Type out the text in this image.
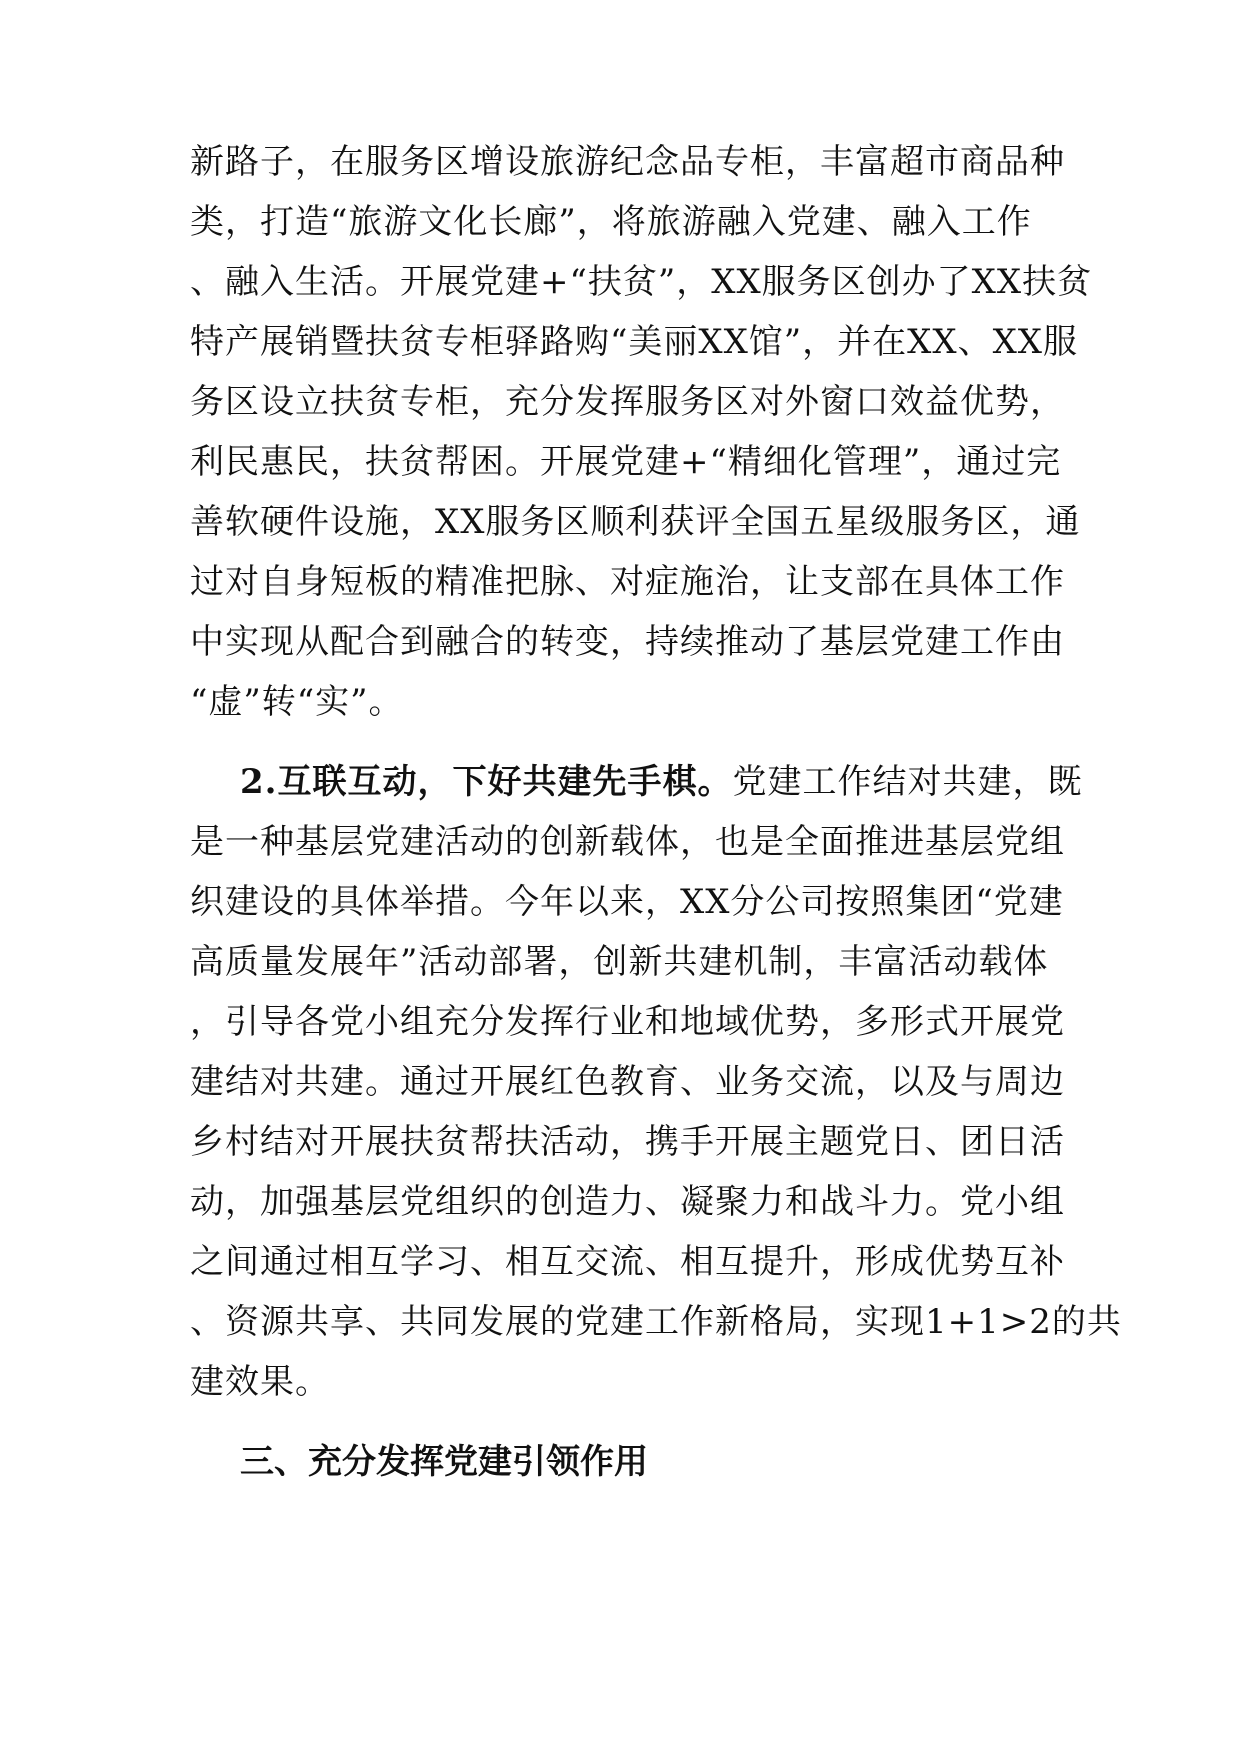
新路子，在服务区增设旅游纪念品专柜，丰富超市商品种
类，打造“旅游文化长廊”，将旅游融入党建、融入工作
、融入生活。开展党建+“扶贫”，XX服务区创办了XX扶贫
特产展销暨扶贫专柜驿路购“美丽XX馆”，并在XX、XX服
务区设立扶贫专柜，充分发挥服务区对外窗口效益优势，
利民惠民，扶贫帮困。开展党建+“精细化管理”，通过完
善软硬件设施，XX服务区顺利获评全国五星级服务区，通
过对自身短板的精准把脉、对症施治，让支部在具体工作
中实现从配合到融合的转变，持续推动了基层党建工作由
“虚”转“实”。
2.互联互动，下好共建先手棋。党建工作结对共建，既
是一种基层党建活动的创新载体，也是全面推进基层党组
织建设的具体举措。今年以来，XX分公司按照集团“党建
高质量发展年”活动部署，创新共建机制，丰富活动载体
，引导各党小组充分发挥行业和地域优势，多形式开展党
建结对共建。通过开展红色教育、业务交流，以及与周边
乡村结对开展扶贫帮扶活动，携手开展主题党日、团日活
动，加强基层党组织的创造力、凝聚力和战斗力。党小组
之间通过相互学习、相互交流、相互提升，形成优势互补
、资源共享、共同发展的党建工作新格局，实现1+1>2的共
建效果。
三、充分发挥党建引领作用
